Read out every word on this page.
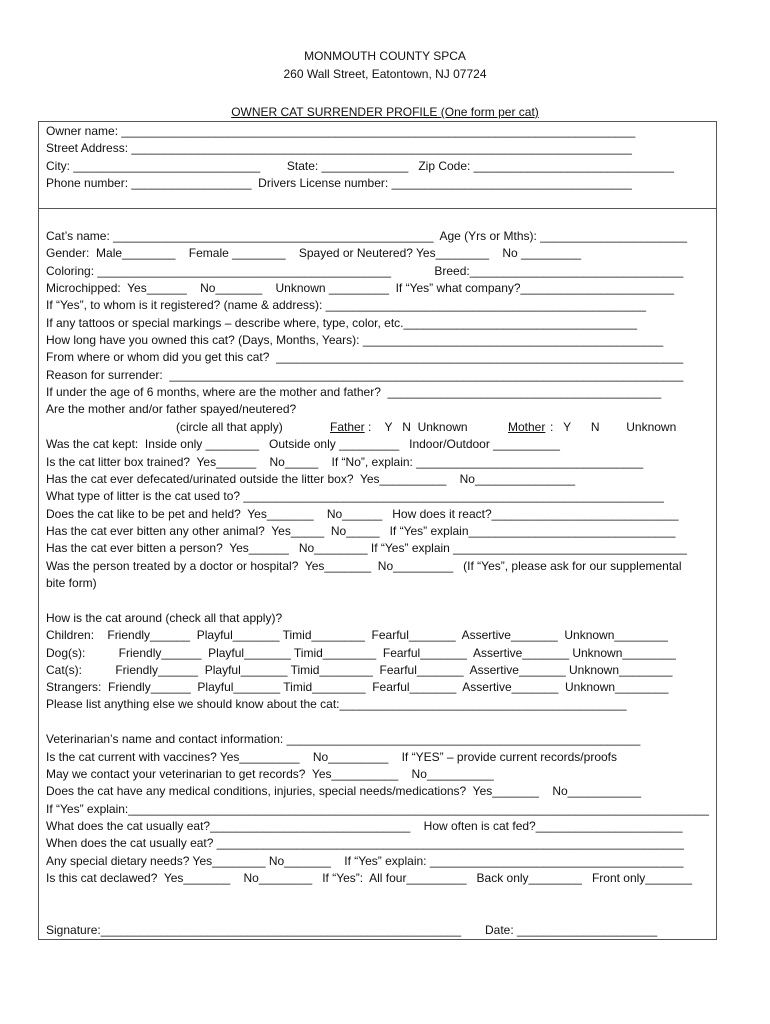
MONMOUTH COUNTY SPCA
260 Wall Street, Eatontown, NJ 07724
OWNER CAT SURRENDER PROFILE (One form per cat)
Owner name: _____________________________________________________________________________
Street Address: ___________________________________________________________________________
City: ____________________________        State: _____________   Zip Code: ______________________________
Phone number: __________________  Drivers License number: ____________________________________
Cat’s name: ________________________________________________  Age (Yrs or Mths): ______________________
Gender:  Male________    Female ________    Spayed or Neutered? Yes________    No _________
Coloring: ____________________________________________             Breed:________________________________
Microchipped:  Yes______    No_______    Unknown _________  If “Yes” what company?_______________________
If “Yes”, to whom is it registered? (name & address): ________________________________________________
If any tattoos or special markings – describe where, type, color, etc.___________________________________
How long have you owned this cat? (Days, Months, Years): _____________________________________________
From where or whom did you get this cat?  _____________________________________________________________
Reason for surrender:  _____________________________________________________________________________
If under the age of 6 months, where are the mother and father?  _________________________________________
Are the mother and/or father spayed/neutered?
(circle all that apply)	Father :    Y   N  Unknown	Mother :   Y      N        Unknown
Was the cat kept:  Inside only ________   Outside only _________   Indoor/Outdoor __________
Is the cat litter box trained?  Yes______    No_____    If “No”, explain: __________________________________
Has the cat ever defecated/urinated outside the litter box?  Yes__________    No_______________
What type of litter is the cat used to? _______________________________________________________________
Does the cat like to be pet and held?  Yes_______    No______   How does it react?____________________________
Has the cat ever bitten any other animal?  Yes_____  No_____   If “Yes” explain_______________________________
Has the cat ever bitten a person?  Yes______   No________ If “Yes” explain ___________________________________
Was the person treated by a doctor or hospital?  Yes_______  No_________   (If “Yes”, please ask for our supplemental
bite form)
How is the cat around (check all that apply)?
Children:    Friendly______  Playful_______ Timid________  Fearful_______  Assertive_______  Unknown________
Dog(s):          Friendly______  Playful_______ Timid________  Fearful_______  Assertive_______ Unknown________
Cat(s):          Friendly______  Playful_______ Timid________  Fearful_______  Assertive_______ Unknown________
Strangers:  Friendly______  Playful_______ Timid________  Fearful_______  Assertive_______  Unknown________
Please list anything else we should know about the cat:___________________________________________
Veterinarian’s name and contact information: _____________________________________________________
Is the cat current with vaccines? Yes_________    No_________    If “YES” – provide current records/proofs
May we contact your veterinarian to get records?  Yes__________    No__________
Does the cat have any medical conditions, injuries, special needs/medications?  Yes_______    No___________
If “Yes” explain:_______________________________________________________________________________________
What does the cat usually eat?______________________________    How often is cat fed?______________________
When does the cat usually eat? ______________________________________________________________________
Any special dietary needs? Yes________ No_______    If “Yes” explain: ______________________________________
Is this cat declawed?  Yes_______    No________   If “Yes”:  All four_________   Back only________   Front only_______
Signature:______________________________________________________ Date: _____________________
